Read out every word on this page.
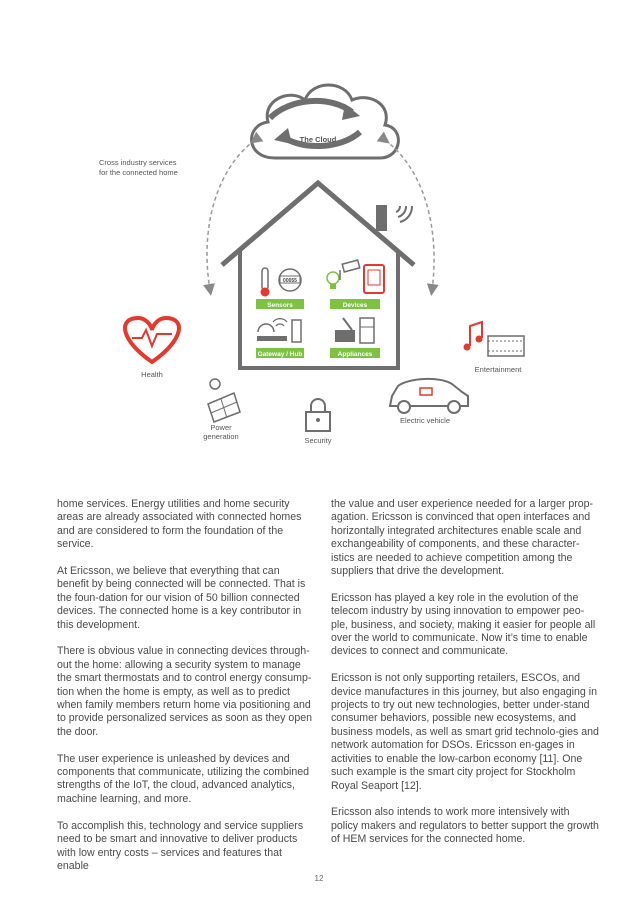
The Cloud
Cross industry services
for the connected home
00055
Sensors	Devices
Gateway / Hub	Appliances
Health
Entertainment
Power
generation	Security
Electric vehicle

home services. Energy utilities and home security areas are already associated with connected homes and are considered to form the foundation of the service.

At Ericsson, we believe that everything that can benefit by being connected will be connected. That is the foun-dation for our vision of 50 billion connected devices. The connected home is a key contributor in this development.

There is obvious value in connecting devices through-out the home: allowing a security system to manage the smart thermostats and to control energy consump-tion when the home is empty, as well as to predict when family members return home via positioning and to provide personalized services as soon as they open the door.

The user experience is unleashed by devices and components that communicate, utilizing the combined strengths of the IoT, the cloud, advanced analytics, machine learning, and more.

To accomplish this, technology and service suppliers need to be smart and innovative to deliver products with low entry costs – services and features that enable

the value and user experience needed for a larger prop-agation. Ericsson is convinced that open interfaces and horizontally integrated architectures enable scale and exchangeability of components, and these character-istics are needed to achieve competition among the suppliers that drive the development.

Ericsson has played a key role in the evolution of the telecom industry by using innovation to empower peo-ple, business, and society, making it easier for people all over the world to communicate. Now it’s time to enable devices to connect and communicate.

Ericsson is not only supporting retailers, ESCOs, and device manufactures in this journey, but also engaging in projects to try out new technologies, better under-stand consumer behaviors, possible new ecosystems, and business models, as well as smart grid technolo-gies and network automation for DSOs. Ericsson en-gages in activities to enable the low-carbon economy [11]. One such example is the smart city project for Stockholm Royal Seaport [12].

Ericsson also intends to work more intensively with policy makers and regulators to better support the growth of HEM services for the connected home.

12
